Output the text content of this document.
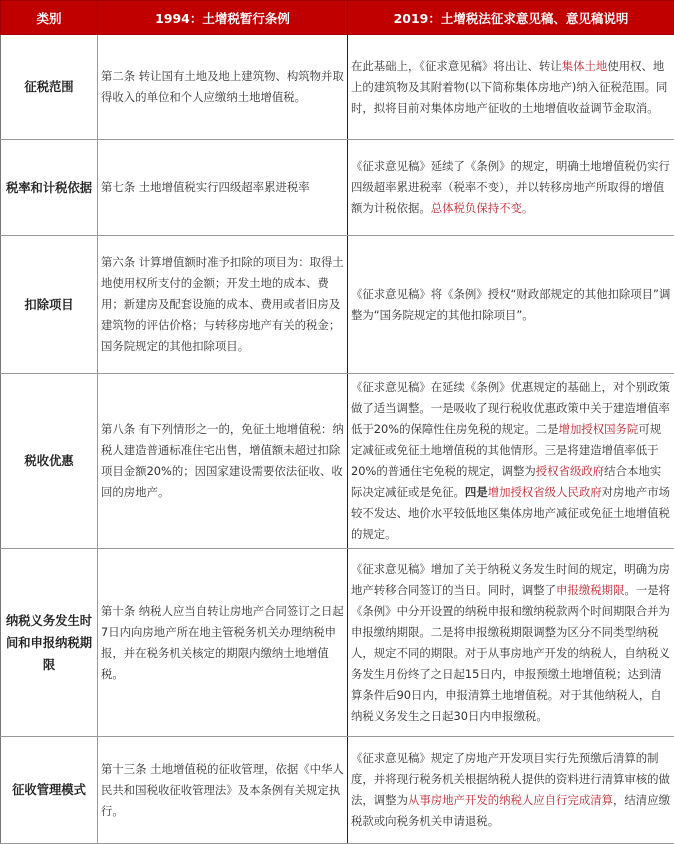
类别	1994：土增税暂行条例	2019：土增税法征求意见稿、意见稿说明
征税范围	第二条 转让国有土地及地上建筑物、构筑物并取得收入的单位和个人应缴纳土地增值税。	在此基础上，《征求意见稿》将出让、转让集体土地使用权、地上的建筑物及其附着物(以下简称集体房地产)纳入征税范围。同时，拟将目前对集体房地产征收的土地增值收益调节金取消。
税率和计税依据	第七条 土地增值税实行四级超率累进税率	《征求意见稿》延续了《条例》的规定，明确土地增值税仍实行四级超率累进税率（税率不变），并以转移房地产所取得的增值额为计税依据。总体税负保持不变。
扣除项目	第六条 计算增值额时准予扣除的项目为：取得土地使用权所支付的金额；开发土地的成本、费用；新建房及配套设施的成本、费用或者旧房及建筑物的评估价格；与转移房地产有关的税金；国务院规定的其他扣除项目。	《征求意见稿》将《条例》授权“财政部规定的其他扣除项目”调整为“国务院规定的其他扣除项目”。
税收优惠	第八条 有下列情形之一的，免征土地增值税：纳税人建造普通标准住宅出售，增值额未超过扣除项目金额20%的；因国家建设需要依法征收、收回的房地产。	《征求意见稿》在延续《条例》优惠规定的基础上，对个别政策做了适当调整。一是吸收了现行税收优惠政策中关于建造增值率低于20%的保障性住房免税的规定。二是增加授权国务院可规定减征或免征土地增值税的其他情形。三是将建造增值率低于20%的普通住宅免税的规定，调整为授权省级政府结合本地实际决定减征或是免征。四是增加授权省级人民政府对房地产市场较不发达、地价水平较低地区集体房地产减征或免征土地增值税的规定。
纳税义务发生时间和申报纳税期限	第十条 纳税人应当自转让房地产合同签订之日起7日内向房地产所在地主管税务机关办理纳税申报，并在税务机关核定的期限内缴纳土地增值税。	《征求意见稿》增加了关于纳税义务发生时间的规定，明确为房地产转移合同签订的当日。同时，调整了申报缴税期限。一是将《条例》中分开设置的纳税申报和缴纳税款两个时间期限合并为申报缴纳期限。二是将申报缴税期限调整为区分不同类型纳税人，规定不同的期限。对于从事房地产开发的纳税人，自纳税义务发生月份终了之日起15日内，申报预缴土地增值税；达到清算条件后90日内，申报清算土地增值税。对于其他纳税人，自纳税义务发生之日起30日内申报缴税。
征收管理模式	第十三条 土地增值税的征收管理，依据《中华人民共和国税收征收管理法》及本条例有关规定执行。	《征求意见稿》规定了房地产开发项目实行先预缴后清算的制度，并将现行税务机关根据纳税人提供的资料进行清算审核的做法，调整为从事房地产开发的纳税人应自行完成清算，结清应缴税款或向税务机关申请退税。
